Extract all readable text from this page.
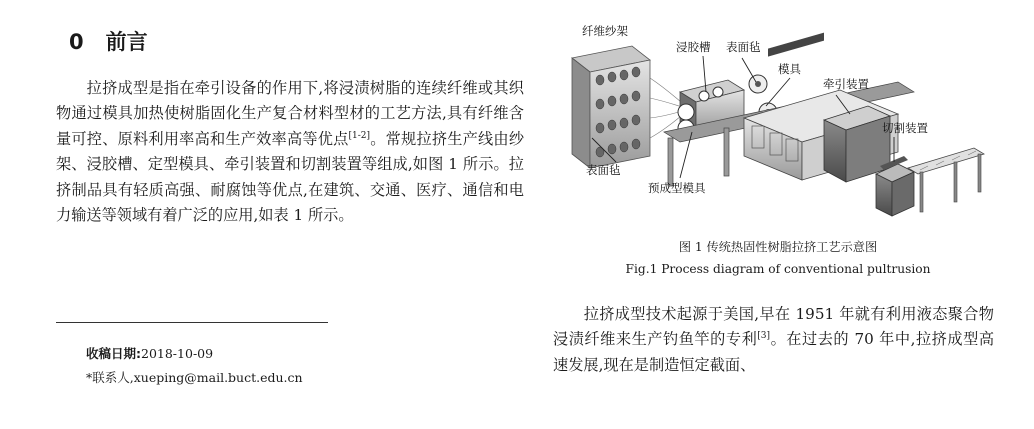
0 前言

拉挤成型是指在牵引设备的作用下,将浸渍树脂的连续纤维或其织物通过模具加热使树脂固化生产复合材料型材的工艺方法,具有纤维含量可控、原料利用率高和生产效率高等优点[1-2]。常规拉挤生产线由纱架、浸胶槽、定型模具、牵引装置和切割装置等组成,如图 1 所示。拉挤制品具有轻质高强、耐腐蚀等优点,在建筑、交通、医疗、通信和电力输送等领域有着广泛的应用,如表 1 所示。

收稿日期:2018-10-09
*联系人,xueping@mail.buct.edu.cn
纤维纱架
浸胶槽 表面毡
模具
牵引装置
切割装置
表面毡
预成型模具
图 1 传统热固性树脂拉挤工艺示意图
Fig.1 Process diagram of conventional pultrusion

拉挤成型技术起源于美国,早在 1951 年就有利用液态聚合物浸渍纤维来生产钓鱼竿的专利[3]。在过去的 70 年中,拉挤成型高速发展,现在是制造恒定截面、
